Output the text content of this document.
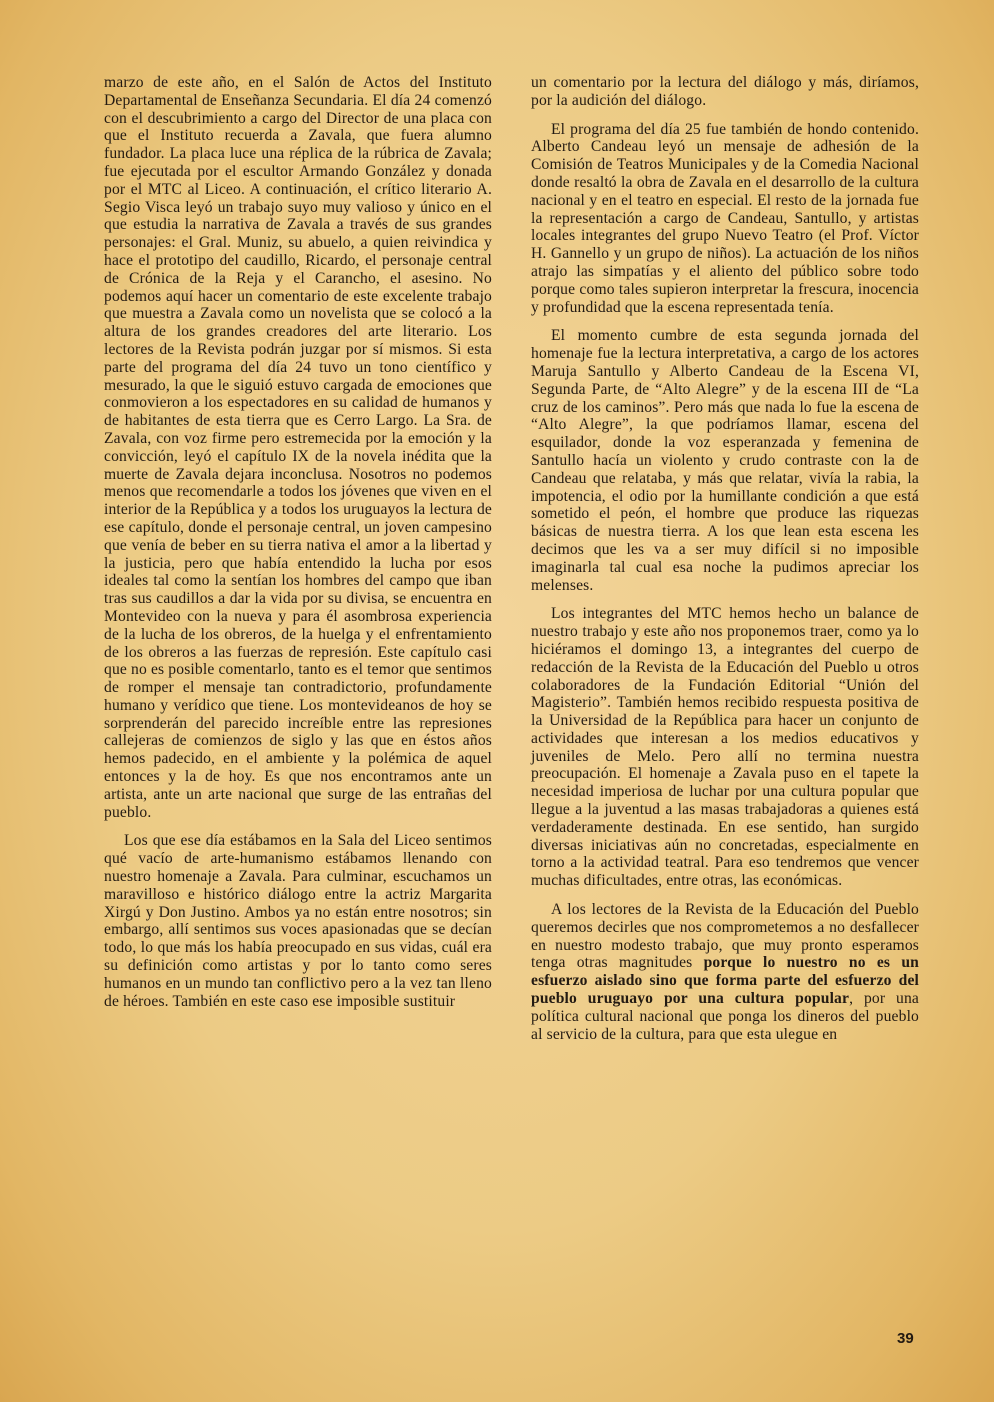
marzo de este año, en el Salón de Actos del Instituto Departamental de Enseñanza Secundaria. El día 24 comenzó con el descubrimiento a cargo del Director de una placa con que el Instituto recuerda a Zavala, que fuera alumno fundador. La placa luce una réplica de la rúbrica de Zavala; fue ejecutada por el escultor Armando González y donada por el MTC al Liceo. A continuación, el crítico literario A. Segio Visca leyó un trabajo suyo muy valioso y único en el que estudia la narrativa de Zavala a través de sus grandes personajes: el Gral. Muniz, su abuelo, a quien reivindica y hace el prototipo del caudillo, Ricardo, el personaje central de Crónica de la Reja y el Carancho, el asesino. No podemos aquí hacer un comentario de este excelente trabajo que muestra a Zavala como un novelista que se colocó a la altura de los grandes creadores del arte literario. Los lectores de la Revista podrán juzgar por sí mismos. Si esta parte del programa del día 24 tuvo un tono científico y mesurado, la que le siguió estuvo cargada de emociones que conmovieron a los espectadores en su calidad de humanos y de habitantes de esta tierra que es Cerro Largo. La Sra. de Zavala, con voz firme pero estremecida por la emoción y la convicción, leyó el capítulo IX de la novela inédita que la muerte de Zavala dejara inconclusa. Nosotros no podemos menos que recomendarle a todos los jóvenes que viven en el interior de la República y a todos los uruguayos la lectura de ese capítulo, donde el personaje central, un joven campesino que venía de beber en su tierra nativa el amor a la libertad y la justicia, pero que había entendido la lucha por esos ideales tal como la sentían los hombres del campo que iban tras sus caudillos a dar la vida por su divisa, se encuentra en Montevideo con la nueva y para él asombrosa experiencia de la lucha de los obreros, de la huelga y el enfrentamiento de los obreros a las fuerzas de represión. Este capítulo casi que no es posible comentarlo, tanto es el temor que sentimos de romper el mensaje tan contradictorio, profundamente humano y verídico que tiene. Los montevideanos de hoy se sorprenderán del parecido increíble entre las represiones callejeras de comienzos de siglo y las que en éstos años hemos padecido, en el ambiente y la polémica de aquel entonces y la de hoy. Es que nos encontramos ante un artista, ante un arte nacional que surge de las entrañas del pueblo.

Los que ese día estábamos en la Sala del Liceo sentimos qué vacío de arte-humanismo estábamos llenando con nuestro homenaje a Zavala. Para culminar, escuchamos un maravilloso e histórico diálogo entre la actriz Margarita Xirgú y Don Justino. Ambos ya no están entre nosotros; sin embargo, allí sentimos sus voces apasionadas que se decían todo, lo que más los había preocupado en sus vidas, cuál era su definición como artistas y por lo tanto como seres humanos en un mundo tan conflictivo pero a la vez tan lleno de héroes. También en este caso ese imposible sustituir

un comentario por la lectura del diálogo y más, diríamos, por la audición del diálogo.

El programa del día 25 fue también de hondo contenido. Alberto Candeau leyó un mensaje de adhesión de la Comisión de Teatros Municipales y de la Comedia Nacional donde resaltó la obra de Zavala en el desarrollo de la cultura nacional y en el teatro en especial. El resto de la jornada fue la representación a cargo de Candeau, Santullo, y artistas locales integrantes del grupo Nuevo Teatro (el Prof. Víctor H. Gannello y un grupo de niños). La actuación de los niños atrajo las simpatías y el aliento del público sobre todo porque como tales supieron interpretar la frescura, inocencia y profundidad que la escena representada tenía.

El momento cumbre de esta segunda jornada del homenaje fue la lectura interpretativa, a cargo de los actores Maruja Santullo y Alberto Candeau de la Escena VI, Segunda Parte, de “Alto Alegre” y de la escena III de “La cruz de los caminos”. Pero más que nada lo fue la escena de “Alto Alegre”, la que podríamos llamar, escena del esquilador, donde la voz esperanzada y femenina de Santullo hacía un violento y crudo contraste con la de Candeau que relataba, y más que relatar, vivía la rabia, la impotencia, el odio por la humillante condición a que está sometido el peón, el hombre que produce las riquezas básicas de nuestra tierra. A los que lean esta escena les decimos que les va a ser muy difícil si no imposible imaginarla tal cual esa noche la pudimos apreciar los melenses.

Los integrantes del MTC hemos hecho un balance de nuestro trabajo y este año nos proponemos traer, como ya lo hiciéramos el domingo 13, a integrantes del cuerpo de redacción de la Revista de la Educación del Pueblo u otros colaboradores de la Fundación Editorial “Unión del Magisterio”. También hemos recibido respuesta positiva de la Universidad de la República para hacer un conjunto de actividades que interesan a los medios educativos y juveniles de Melo. Pero allí no termina nuestra preocupación. El homenaje a Zavala puso en el tapete la necesidad imperiosa de luchar por una cultura popular que llegue a la juventud a las masas trabajadoras a quienes está verdaderamente destinada. En ese sentido, han surgido diversas iniciativas aún no concretadas, especialmente en torno a la actividad teatral. Para eso tendremos que vencer muchas dificultades, entre otras, las económicas.

A los lectores de la Revista de la Educación del Pueblo queremos decirles que nos comprometemos a no desfallecer en nuestro modesto trabajo, que muy pronto esperamos tenga otras magnitudes porque lo nuestro no es un esfuerzo aislado sino que forma parte del esfuerzo del pueblo uruguayo por una cultura popular, por una política cultural nacional que ponga los dineros del pueblo al servicio de la cultura, para que esta ulegue en

39
